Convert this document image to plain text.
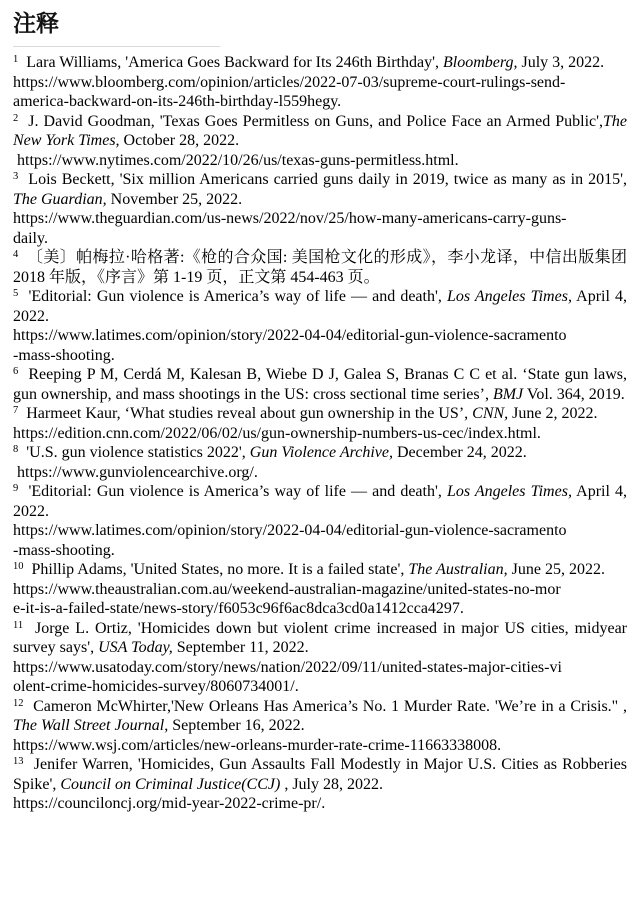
注释

$^1$ Lara Williams, 'America Goes Backward for Its 246th Birthday', Bloomberg, July 3, 2022.
https://www.bloomberg.com/opinion/articles/2022-07-03/supreme-court-rulings-send-
america-backward-on-its-246th-birthday-l559hegy.

$^2$ J. David Goodman, 'Texas Goes Permitless on Guns, and Police Face an Armed Public',The New York Times, October 28, 2022.
https://www.nytimes.com/2022/10/26/us/texas-guns-permitless.html.

$^3$ Lois Beckett, 'Six million Americans carried guns daily in 2019, twice as many as in 2015', The Guardian, November 25, 2022.
https://www.theguardian.com/us-news/2022/nov/25/how-many-americans-carry-guns-
daily.

$^4$ 〔美〕帕梅拉·哈格著:《枪的合众国: 美国枪文化的形成》，李小龙译，中信出版集团 2018 年版，《序言》第 1-19 页，正文第 454-463 页。

$^5$ 'Editorial: Gun violence is America’s way of life — and death', Los Angeles Times, April 4, 2022.
https://www.latimes.com/opinion/story/2022-04-04/editorial-gun-violence-sacramento
-mass-shooting.

$^6$ Reeping P M, Cerdá M, Kalesan B, Wiebe D J, Galea S, Branas C C et al. ‘State gun laws, gun ownership, and mass shootings in the US: cross sectional time series’, BMJ Vol. 364, 2019.

$^7$ Harmeet Kaur, ‘What studies reveal about gun ownership in the US’, CNN, June 2, 2022.
https://edition.cnn.com/2022/06/02/us/gun-ownership-numbers-us-cec/index.html.

$^8$ 'U.S. gun violence statistics 2022', Gun Violence Archive, December 24, 2022.
https://www.gunviolencearchive.org/.

$^9$ 'Editorial: Gun violence is America’s way of life — and death', Los Angeles Times, April 4, 2022.
https://www.latimes.com/opinion/story/2022-04-04/editorial-gun-violence-sacramento
-mass-shooting.

$^{10}$ Phillip Adams, 'United States, no more. It is a failed state', The Australian, June 25, 2022.
https://www.theaustralian.com.au/weekend-australian-magazine/united-states-no-mor
e-it-is-a-failed-state/news-story/f6053c96f6ac8dca3cd0a1412cca4297.

$^{11}$ Jorge L. Ortiz, 'Homicides down but violent crime increased in major US cities, midyear survey says', USA Today, September 11, 2022.
https://www.usatoday.com/story/news/nation/2022/09/11/united-states-major-cities-vi
olent-crime-homicides-survey/8060734001/.

$^{12}$ Cameron McWhirter,'New Orleans Has America’s No. 1 Murder Rate. 'We’re in a Crisis." , The Wall Street Journal, September 16, 2022.
https://www.wsj.com/articles/new-orleans-murder-rate-crime-11663338008.

$^{13}$ Jenifer Warren, 'Homicides, Gun Assaults Fall Modestly in Major U.S. Cities as Robberies Spike', Council on Criminal Justice(CCJ) , July 28, 2022.
https://counciloncj.org/mid-year-2022-crime-pr/.
